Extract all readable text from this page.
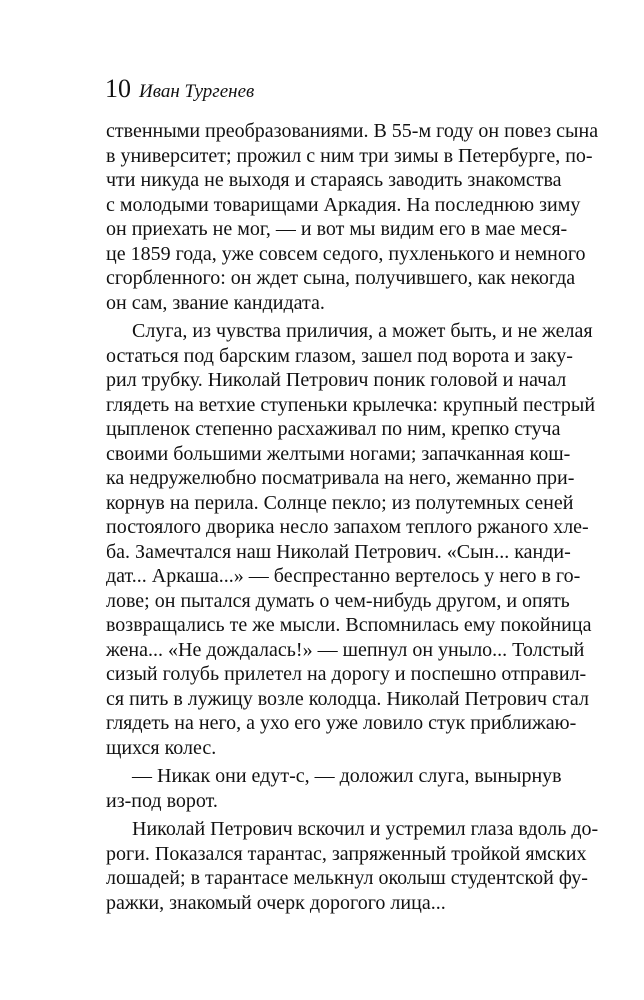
10 Иван Тургенев
ственными преобразованиями. В 55-м году он повез сына
в университет; прожил с ним три зимы в Петербурге, по-
чти никуда не выходя и стараясь заводить знакомства
с молодыми товарищами Аркадия. На последнюю зиму
он приехать не мог, — и вот мы видим его в мае меся-
це 1859 года, уже совсем седого, пухленького и немного
сгорбленного: он ждет сына, получившего, как некогда
он сам, звание кандидата.
Слуга, из чувства приличия, а может быть, и не желая
остаться под барским глазом, зашел под ворота и заку-
рил трубку. Николай Петрович поник головой и начал
глядеть на ветхие ступеньки крылечка: крупный пестрый
цыпленок степенно расхаживал по ним, крепко стуча
своими большими желтыми ногами; запачканная кош-
ка недружелюбно посматривала на него, жеманно при-
корнув на перила. Солнце пекло; из полутемных сеней
постоялого дворика несло запахом теплого ржаного хле-
ба. Замечтался наш Николай Петрович. «Сын... канди-
дат... Аркаша...» — беспрестанно вертелось у него в го-
лове; он пытался думать о чем-нибудь другом, и опять
возвращались те же мысли. Вспомнилась ему покойница
жена... «Не дождалась!» — шепнул он уныло... Толстый
сизый голубь прилетел на дорогу и поспешно отправил-
ся пить в лужицу возле колодца. Николай Петрович стал
глядеть на него, а ухо его уже ловило стук приближаю-
щихся колес.
— Никак они едут-с, — доложил слуга, вынырнув
из-под ворот.
Николай Петрович вскочил и устремил глаза вдоль до-
роги. Показался тарантас, запряженный тройкой ямских
лошадей; в тарантасе мелькнул околыш студентской фу-
ражки, знакомый очерк дорогого лица...
